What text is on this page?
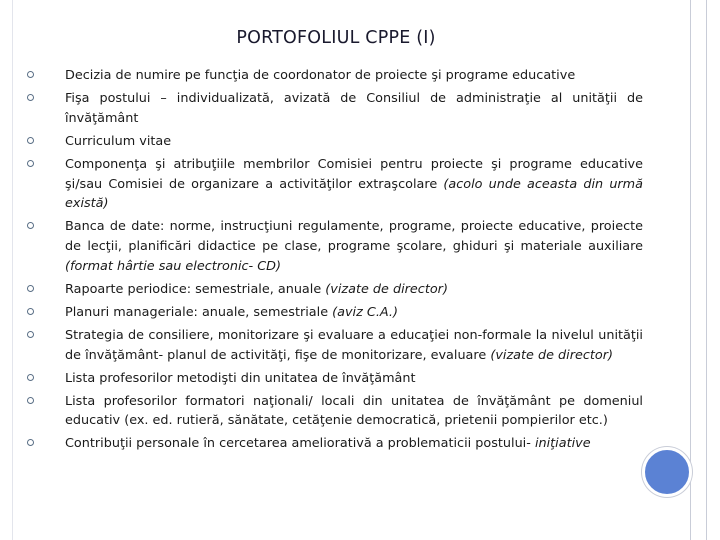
PORTOFOLIUL CPPE (I)
Decizia de numire pe funcţia de coordonator de proiecte şi programe educative
Fişa postului – individualizată, avizată de Consiliul de administraţie al unităţii de învăţământ
Curriculum vitae
Componenţa şi atribuţiile membrilor Comisiei pentru proiecte şi programe educative şi/sau Comisiei de organizare a activităţilor extraşcolare (acolo unde aceasta din urmă există)
Banca de date: norme, instrucţiuni regulamente, programe, proiecte educative, proiecte de lecţii, planificări didactice pe clase, programe şcolare, ghiduri şi materiale auxiliare (format hârtie sau electronic- CD)
Rapoarte periodice: semestriale, anuale (vizate de director)
Planuri manageriale: anuale, semestriale (aviz C.A.)
Strategia de consiliere, monitorizare şi evaluare a educaţiei non-formale la nivelul unităţii de învăţământ- planul de activităţi, fişe de monitorizare, evaluare (vizate de director)
Lista profesorilor metodişti din unitatea de învăţământ
Lista profesorilor formatori naţionali/ locali din unitatea de învăţământ pe domeniul educativ (ex. ed. rutieră, sănătate, cetăţenie democratică, prietenii pompierilor etc.)
Contribuţii personale în cercetarea ameliorativă a problematicii postului- iniţiative
